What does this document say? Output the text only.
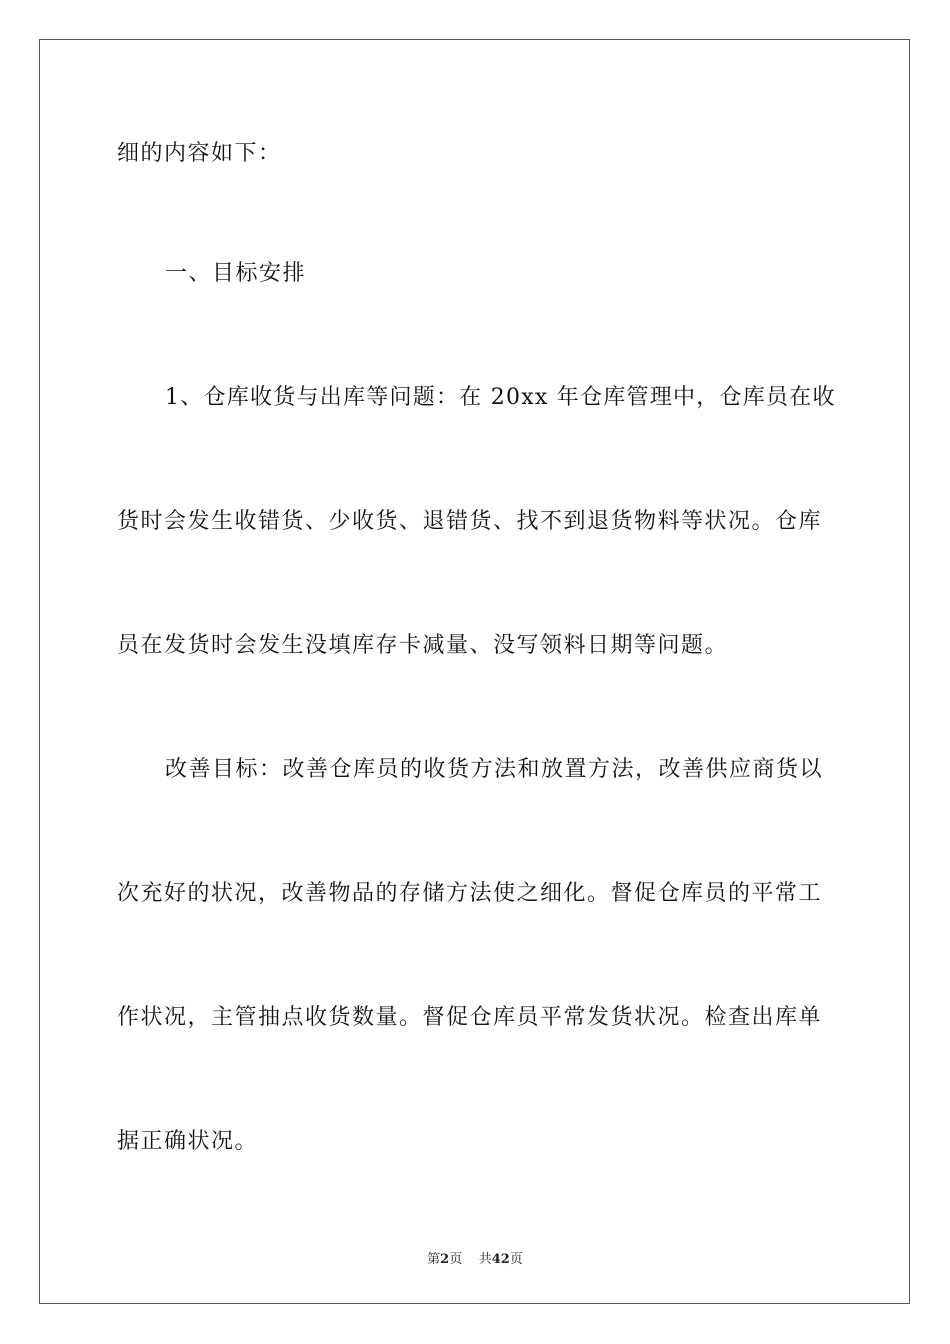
细的内容如下：
一、目标安排
1、仓库收货与出库等问题：在 20xx 年仓库管理中，仓库员在收
货时会发生收错货、少收货、退错货、找不到退货物料等状况。仓库
员在发货时会发生没填库存卡减量、没写领料日期等问题。
改善目标：改善仓库员的收货方法和放置方法，改善供应商货以
次充好的状况，改善物品的存储方法使之细化。督促仓库员的平常工
作状况，主管抽点收货数量。督促仓库员平常发货状况。检查出库单
据正确状况。
第2页 共42页
